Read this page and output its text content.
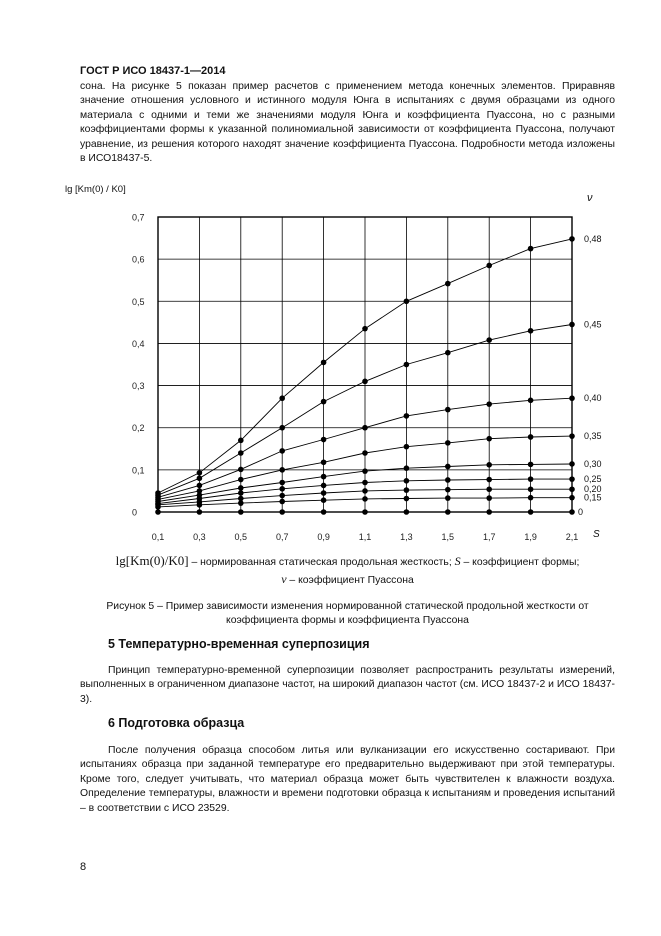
ГОСТ Р ИСО 18437-1—2014
сона. На рисунке 5 показан пример расчетов с применением метода конечных элементов. Приравняв значение отношения условного и истинного модуля Юнга в испытаниях с двумя образцами из одного материала с одними и теми же значениями модуля Юнга и коэффициента Пуассона, но с разными коэффициентами формы к указанной полиномиальной зависимости от коэффициента Пуассона, получают уравнение, из решения которого находят значение коэффициента Пуассона. Подробности метода изложены в ИСО18437-5.
0
0,1
0,2
0,3
0,4
0,5
0,6
0,7
0,1	0,3	0,5	0,7	0,9	1,1	1,3	1,5	1,7	1,9	2,1
lg [Km(0) / K0]
S
ν
0,48
0,45
0,40
0,35
0,30
0,25
0,20
0,15
0
lg[Km(0)/K0] – нормированная статическая продольная жесткость; S – коэффициент формы;
ν – коэффициент Пуассона
Рисунок 5 – Пример зависимости изменения нормированной статической продольной жесткости от коэффициента формы и коэффициента Пуассона
5 Температурно-временная суперпозиция
Принцип температурно-временной суперпозиции позволяет распространить результаты измерений, выполненных в ограниченном диапазоне частот, на широкий диапазон частот (см. ИСО 18437-2 и ИСО 18437-3).
6 Подготовка образца
После получения образца способом литья или вулканизации его искусственно состаривают. При испытаниях образца при заданной температуре его предварительно выдерживают при этой температуры. Кроме того, следует учитывать, что материал образца может быть чувствителен к влажности воздуха. Определение температуры, влажности и времени подготовки образца к испытаниям и проведения испытаний – в соответствии с ИСО 23529.
8
